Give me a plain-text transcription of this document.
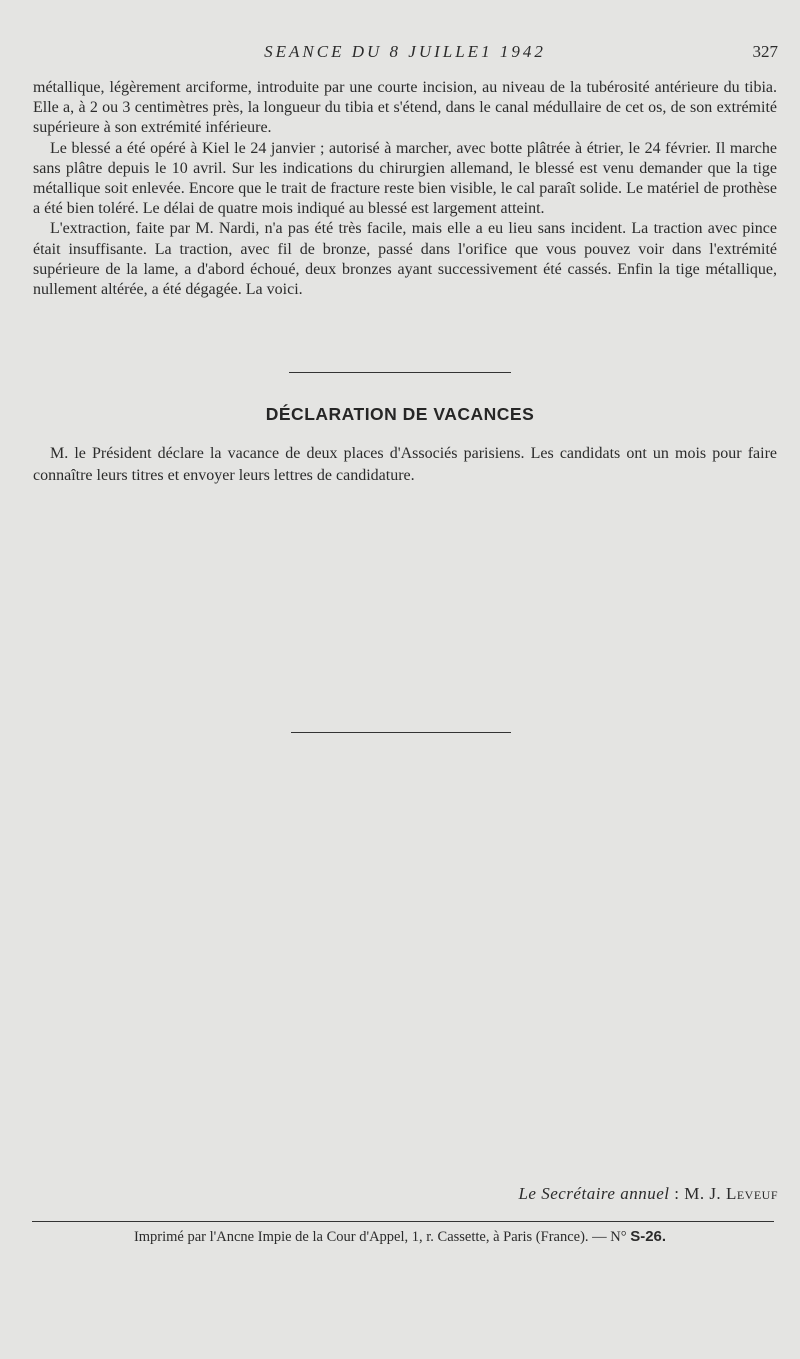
SEANCE DU 8 JUILLE1 1942	327

métallique, légèrement arciforme, introduite par une courte incision, au niveau de la tubérosité antérieure du tibia. Elle a, à 2 ou 3 centimètres près, la longueur du tibia et s'étend, dans le canal médullaire de cet os, de son extrémité supérieure à son extrémité inférieure.

Le blessé a été opéré à Kiel le 24 janvier ; autorisé à marcher, avec botte plâtrée à étrier, le 24 février. Il marche sans plâtre depuis le 10 avril. Sur les indications du chirurgien allemand, le blessé est venu demander que la tige métallique soit enlevée. Encore que le trait de fracture reste bien visible, le cal paraît solide. Le matériel de prothèse a été bien toléré. Le délai de quatre mois indiqué au blessé est largement atteint.

L'extraction, faite par M. Nardi, n'a pas été très facile, mais elle a eu lieu sans incident. La traction avec pince était insuffisante. La traction, avec fil de bronze, passé dans l'orifice que vous pouvez voir dans l'extrémité supérieure de la lame, a d'abord échoué, deux bronzes ayant successivement été cassés. Enfin la tige métallique, nullement altérée, a été dégagée. La voici.

DÉCLARATION DE VACANCES

M. le Président déclare la vacance de deux places d'Associés parisiens. Les candidats ont un mois pour faire connaître leurs titres et envoyer leurs lettres de candidature.

Le Secrétaire annuel : M. J. Leveuf

Imprimé par l'Ancne Impie de la Cour d'Appel, 1, r. Cassette, à Paris (France). — N° S-26.
